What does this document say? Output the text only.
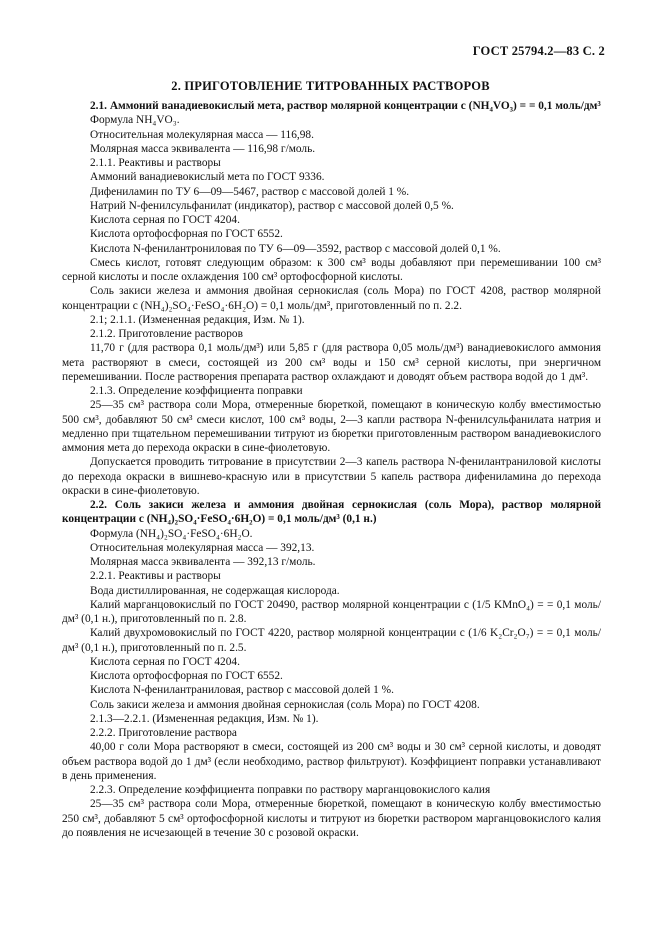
ГОСТ 25794.2—83 С. 2
2. ПРИГОТОВЛЕНИЕ ТИТРОВАННЫХ РАСТВОРОВ

2.1. Аммоний ванадиевокислый мета, раствор молярной концентрации c (NH₄VO₃) = = 0,1 моль/дм³

Формула NH₄VO₃.

Относительная молекулярная масса — 116,98.

Молярная масса эквивалента — 116,98 г/моль.

2.1.1. Реактивы и растворы

Аммоний ванадиевокислый мета по ГОСТ 9336.

Дифениламин по ТУ 6—09—5467, раствор с массовой долей 1 %.

Натрий N-фенилсульфанилат (индикатор), раствор с массовой долей 0,5 %.

Кислота серная по ГОСТ 4204.

Кислота ортофосфорная по ГОСТ 6552.

Кислота N-фенилантрониловая по ТУ 6—09—3592, раствор с массовой долей 0,1 %.

Смесь кислот, готовят следующим образом: к 300 см³ воды добавляют при перемешивании 100 см³ серной кислоты и после охлаждения 100 см³ ортофосфорной кислоты.

Соль закиси железа и аммония двойная сернокислая (соль Мора) по ГОСТ 4208, раствор молярной концентрации c (NH₄)₂SO₄·FeSO₄·6H₂O) = 0,1 моль/дм³, приготовленный по п. 2.2.

2.1; 2.1.1. (Измененная редакция, Изм. № 1).

2.1.2. Приготовление растворов

11,70 г (для раствора 0,1 моль/дм³) или 5,85 г (для раствора 0,05 моль/дм³) ванадиевокислого аммония мета растворяют в смеси, состоящей из 200 см³ воды и 150 см³ серной кислоты, при энергичном перемешивании. После растворения препарата раствор охлаждают и доводят объем раствора водой до 1 дм³.

2.1.3. Определение коэффициента поправки

25—35 см³ раствора соли Мора, отмеренные бюреткой, помещают в коническую колбу вместимостью 500 см³, добавляют 50 см³ смеси кислот, 100 см³ воды, 2—3 капли раствора N-фенилсульфанилата натрия и медленно при тщательном перемешивании титруют из бюретки приготовленным раствором ванадиевокислого аммония мета до перехода окраски в сине-фиолетовую.

Допускается проводить титрование в присутствии 2—3 капель раствора N-фенилантраниловой кислоты до перехода окраски в вишнево-красную или в присутствии 5 капель раствора дифениламина до перехода окраски в сине-фиолетовую.

2.2. Соль закиси железа и аммония двойная сернокислая (соль Мора), раствор молярной концентрации c (NH₄)₂SO₄·FeSO₄·6H₂O) = 0,1 моль/дм³ (0,1 н.)

Формула (NH₄)₂SO₄·FeSO₄·6H₂O.

Относительная молекулярная масса — 392,13.

Молярная масса эквивалента — 392,13 г/моль.

2.2.1. Реактивы и растворы

Вода дистиллированная, не содержащая кислорода.

Калий марганцовокислый по ГОСТ 20490, раствор молярной концентрации c (1/5 KMnO₄) = = 0,1 моль/дм³ (0,1 н.), приготовленный по п. 2.8.

Калий двухромовокислый по ГОСТ 4220, раствор молярной концентрации c (1/6 K₂Cr₂O₇) = = 0,1 моль/дм³ (0,1 н.), приготовленный по п. 2.5.

Кислота серная по ГОСТ 4204.

Кислота ортофосфорная по ГОСТ 6552.

Кислота N-фенилантраниловая, раствор с массовой долей 1 %.

Соль закиси железа и аммония двойная сернокислая (соль Мора) по ГОСТ 4208.

2.1.3—2.2.1. (Измененная редакция, Изм. № 1).

2.2.2. Приготовление раствора

40,00 г соли Мора растворяют в смеси, состоящей из 200 см³ воды и 30 см³ серной кислоты, и доводят объем раствора водой до 1 дм³ (если необходимо, раствор фильтруют). Коэффициент поправки устанавливают в день применения.

2.2.3. Определение коэффициента поправки по раствору марганцовокислого калия

25—35 см³ раствора соли Мора, отмеренные бюреткой, помещают в коническую колбу вместимостью 250 см³, добавляют 5 см³ ортофосфорной кислоты и титруют из бюретки раствором марганцовокислого калия до появления не исчезающей в течение 30 с розовой окраски.
